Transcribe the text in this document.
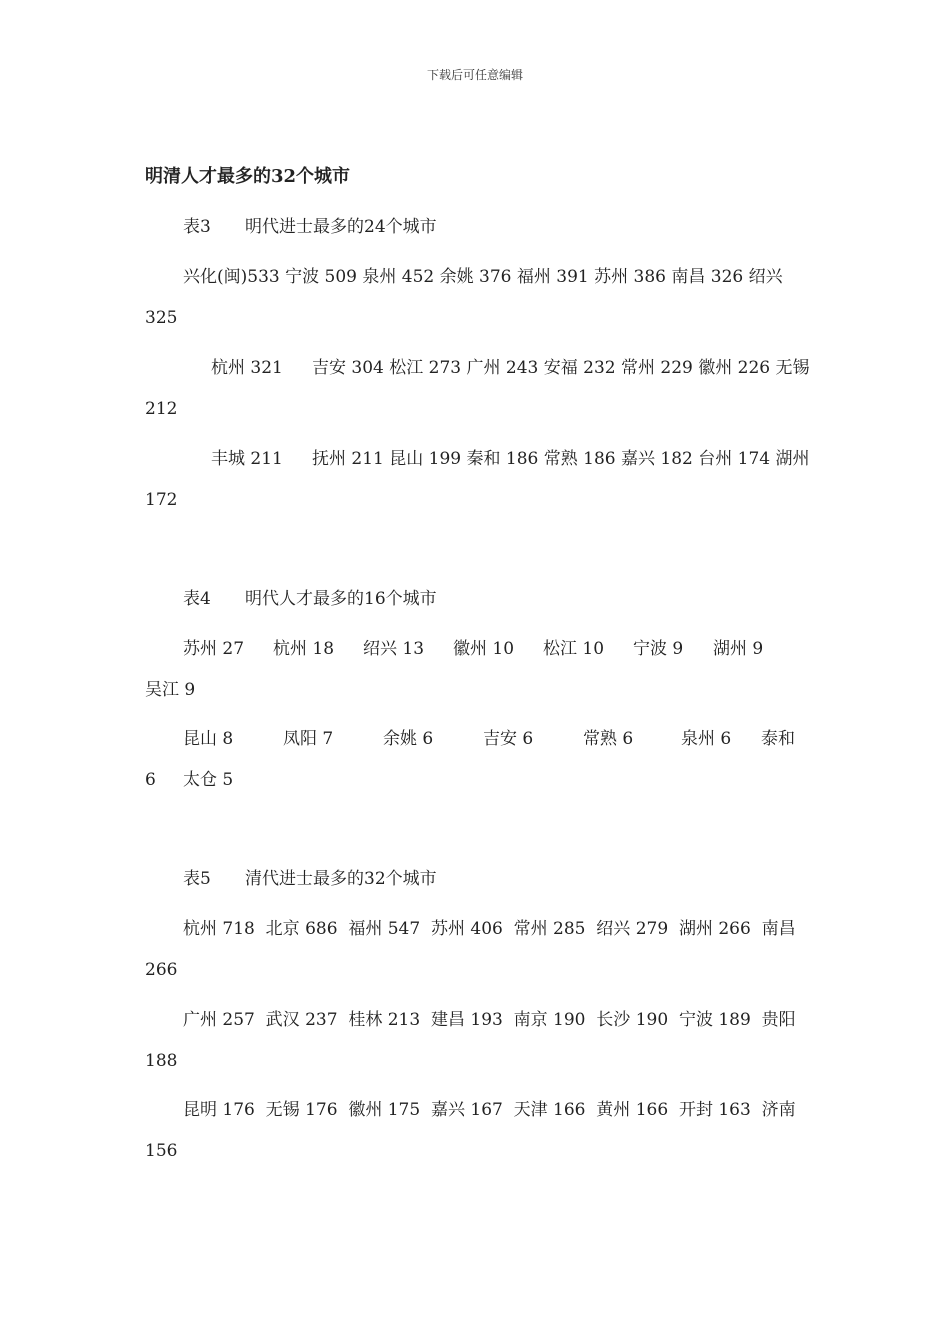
下载后可任意编辑
明清人才最多的32个城市
表3 明代进士最多的24个城市
兴化(闽)533 宁波 509 泉州 452 余姚 376 福州 391 苏州 386 南昌 326 绍兴
325
杭州 321 吉安 304 松江 273 广州 243 安福 232 常州 229 徽州 226 无锡
212
丰城 211 抚州 211 昆山 199 秦和 186 常熟 186 嘉兴 182 台州 174 湖州
172
表4 明代人才最多的16个城市
苏州 27 杭州 18 绍兴 13 徽州 10 松江 10 宁波 9 湖州 9
吴江 9
昆山 8	凤阳 7	余姚 6	吉安 6	常熟 6	泉州 6 泰和
6 太仓 5
表5 清代进士最多的32个城市
杭州 718  北京 686  福州 547  苏州 406  常州 285  绍兴 279  湖州 266  南昌
266
广州 257  武汉 237  桂林 213  建昌 193  南京 190  长沙 190  宁波 189  贵阳
188
昆明 176  无锡 176  徽州 175  嘉兴 167  天津 166  黄州 166  开封 163  济南
156
